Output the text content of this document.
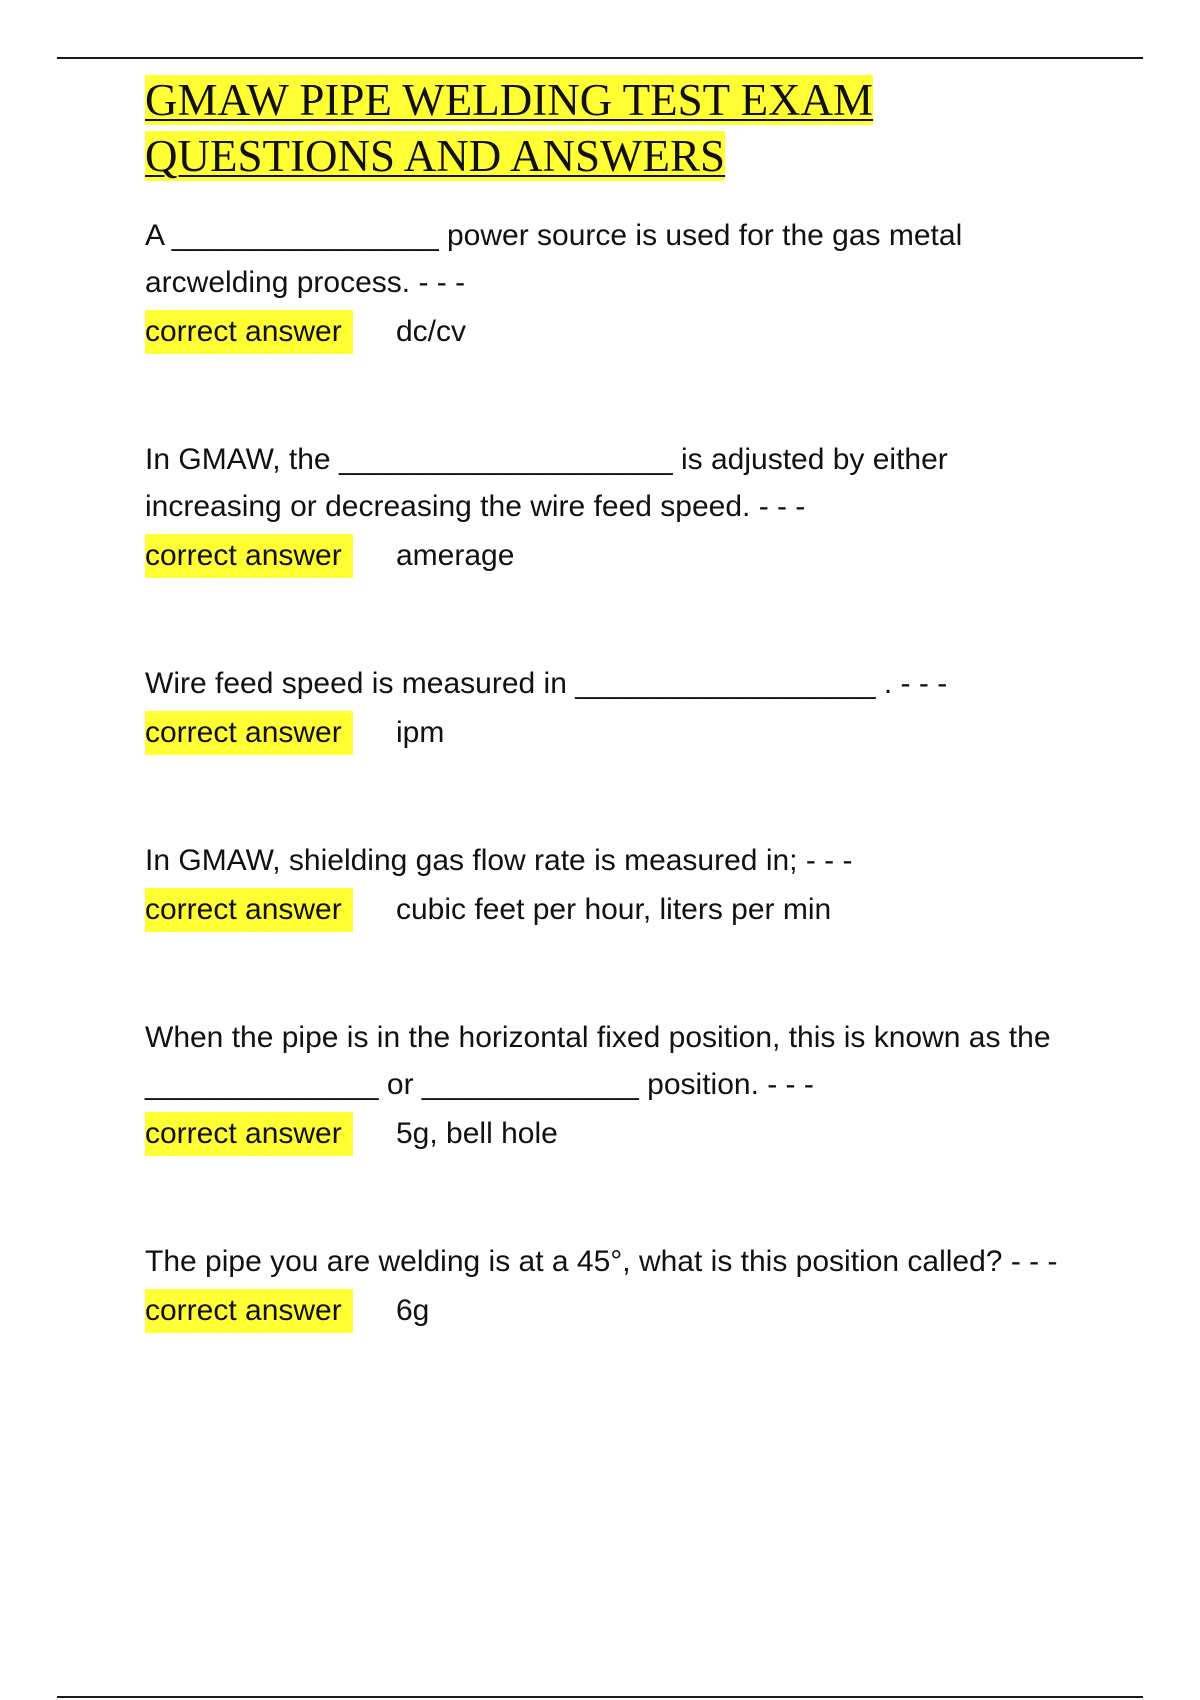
GMAW PIPE WELDING TEST EXAM
QUESTIONS AND ANSWERS

A ________________ power source is used for the gas metal arcwelding process. - - -

correct answer	dc/cv

In GMAW, the ____________________ is adjusted by either increasing or decreasing the wire feed speed. - - -

correct answer	amerage

Wire feed speed is measured in __________________ . - - -

correct answer	ipm

In GMAW, shielding gas flow rate is measured in; - - -

correct answer	cubic feet per hour, liters per min

When the pipe is in the horizontal fixed position, this is known as the ______________ or _____________ position. - - -

correct answer	5g, bell hole

The pipe you are welding is at a 45°, what is this position called? - - -

correct answer	6g
